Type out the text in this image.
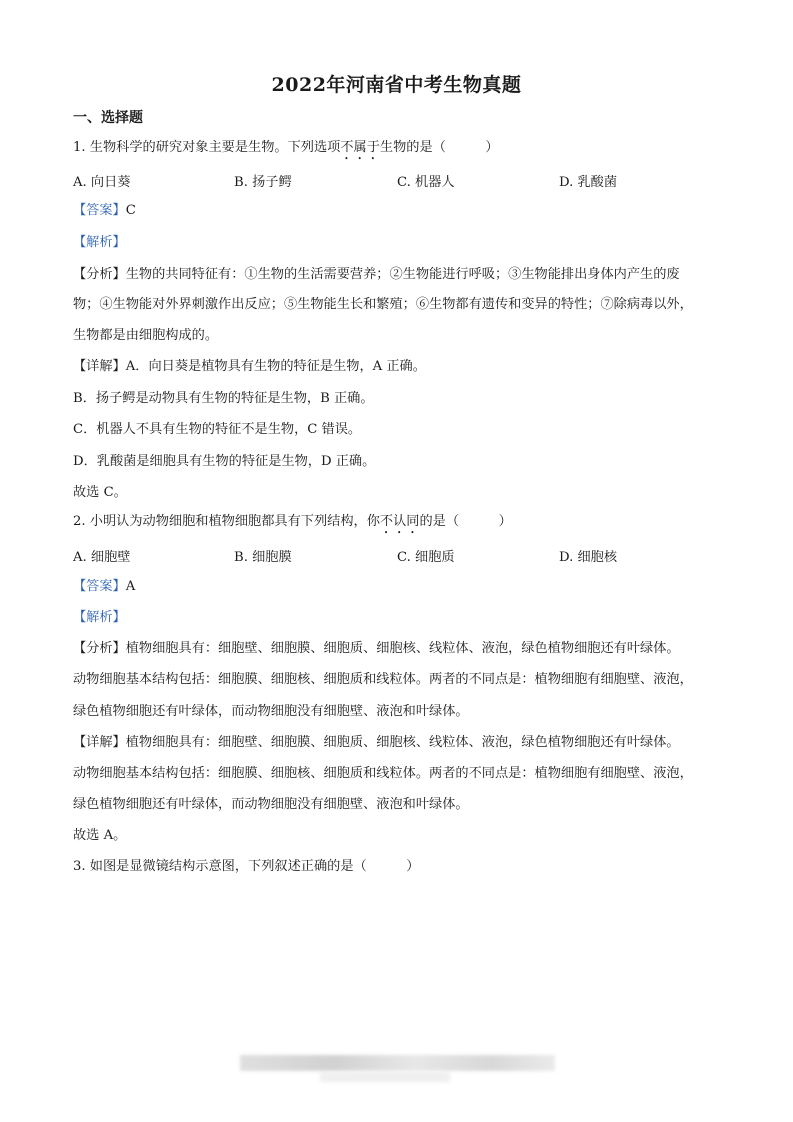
2022年河南省中考生物真题
一、选择题
1. 生物科学的研究对象主要是生物。下列选项不属于生物的是（　　　）
A. 向日葵	B. 扬子鳄	C. 机器人	D. 乳酸菌
【答案】C
【解析】
【分析】生物的共同特征有：①生物的生活需要营养；②生物能进行呼吸；③生物能排出身体内产生的废
物；④生物能对外界刺激作出反应；⑤生物能生长和繁殖；⑥生物都有遗传和变异的特性；⑦除病毒以外，
生物都是由细胞构成的。
【详解】A．向日葵是植物具有生物的特征是生物，A 正确。
B．扬子鳄是动物具有生物的特征是生物，B 正确。
C．机器人不具有生物的特征不是生物，C 错误。
D．乳酸菌是细胞具有生物的特征是生物，D 正确。
故选 C。
2. 小明认为动物细胞和植物细胞都具有下列结构，你不认同的是（　　　）
A. 细胞壁	B. 细胞膜	C. 细胞质	D. 细胞核
【答案】A
【解析】
【分析】植物细胞具有：细胞壁、细胞膜、细胞质、细胞核、线粒体、液泡，绿色植物细胞还有叶绿体。
动物细胞基本结构包括：细胞膜、细胞核、细胞质和线粒体。两者的不同点是：植物细胞有细胞壁、液泡，
绿色植物细胞还有叶绿体，而动物细胞没有细胞壁、液泡和叶绿体。
【详解】植物细胞具有：细胞壁、细胞膜、细胞质、细胞核、线粒体、液泡，绿色植物细胞还有叶绿体。
动物细胞基本结构包括：细胞膜、细胞核、细胞质和线粒体。两者的不同点是：植物细胞有细胞壁、液泡，
绿色植物细胞还有叶绿体，而动物细胞没有细胞壁、液泡和叶绿体。
故选 A。
3. 如图是显微镜结构示意图，下列叙述正确的是（　　　）
